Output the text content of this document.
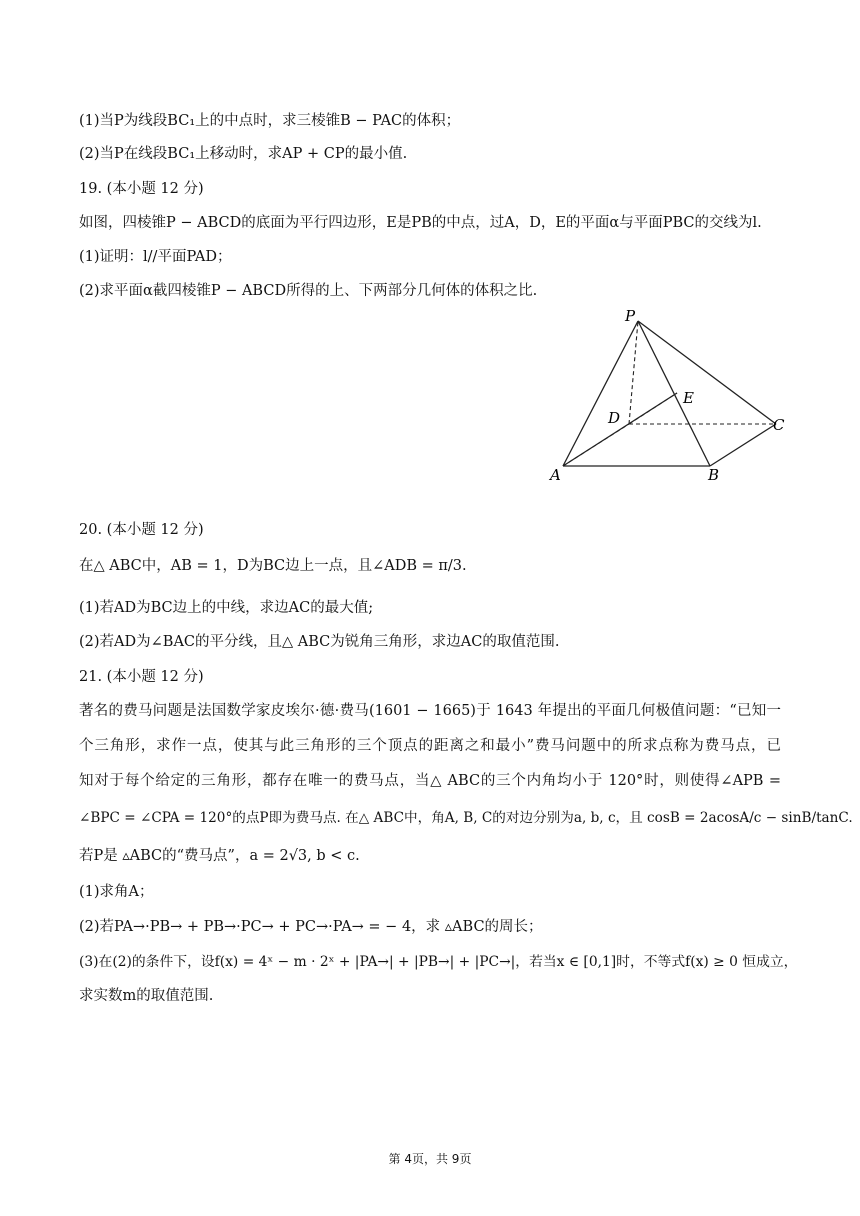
(1)当P为线段BC₁上的中点时，求三棱锥B − PAC的体积；
(2)当P在线段BC₁上移动时，求AP + CP的最小值.
19. (本小题 12 分)
如图，四棱锥P − ABCD的底面为平行四边形，E是PB的中点，过A，D，E的平面α与平面PBC的交线为l.
(1)证明：l//平面PAD；
(2)求平面α截四棱锥P − ABCD所得的上、下两部分几何体的体积之比.
P
E
D	C
A	B
20. (本小题 12 分)
在△ ABC中，AB = 1，D为BC边上一点，且∠ADB = π/3.
(1)若AD为BC边上的中线，求边AC的最大值;
(2)若AD为∠BAC的平分线，且△ ABC为锐角三角形，求边AC的取值范围.
21. (本小题 12 分)
著名的费马问题是法国数学家皮埃尔·德·费马(1601 − 1665)于 1643 年提出的平面几何极值问题：“已知一
个三角形，求作一点，使其与此三角形的三个顶点的距离之和最小”费马问题中的所求点称为费马点，已
知对于每个给定的三角形，都存在唯一的费马点，当△ ABC的三个内角均小于 120°时，则使得∠APB =
∠BPC = ∠CPA = 120°的点P即为费马点. 在△ ABC中，角A, B, C的对边分别为a, b, c，且 cosB = 2acosA/c − sinB/tanC.
若P是 ▵ABC的“费马点”，a = 2√3, b < c.
(1)求角A；
(2)若PA→·PB→ + PB→·PC→ + PC→·PA→ = − 4，求 ▵ABC的周长；
(3)在(2)的条件下，设f(x) = 4ˣ − m · 2ˣ + |PA→| + |PB→| + |PC→|，若当x ∈ [0,1]时，不等式f(x) ≥ 0 恒成立，
求实数m的取值范围.
第 4页，共 9页
